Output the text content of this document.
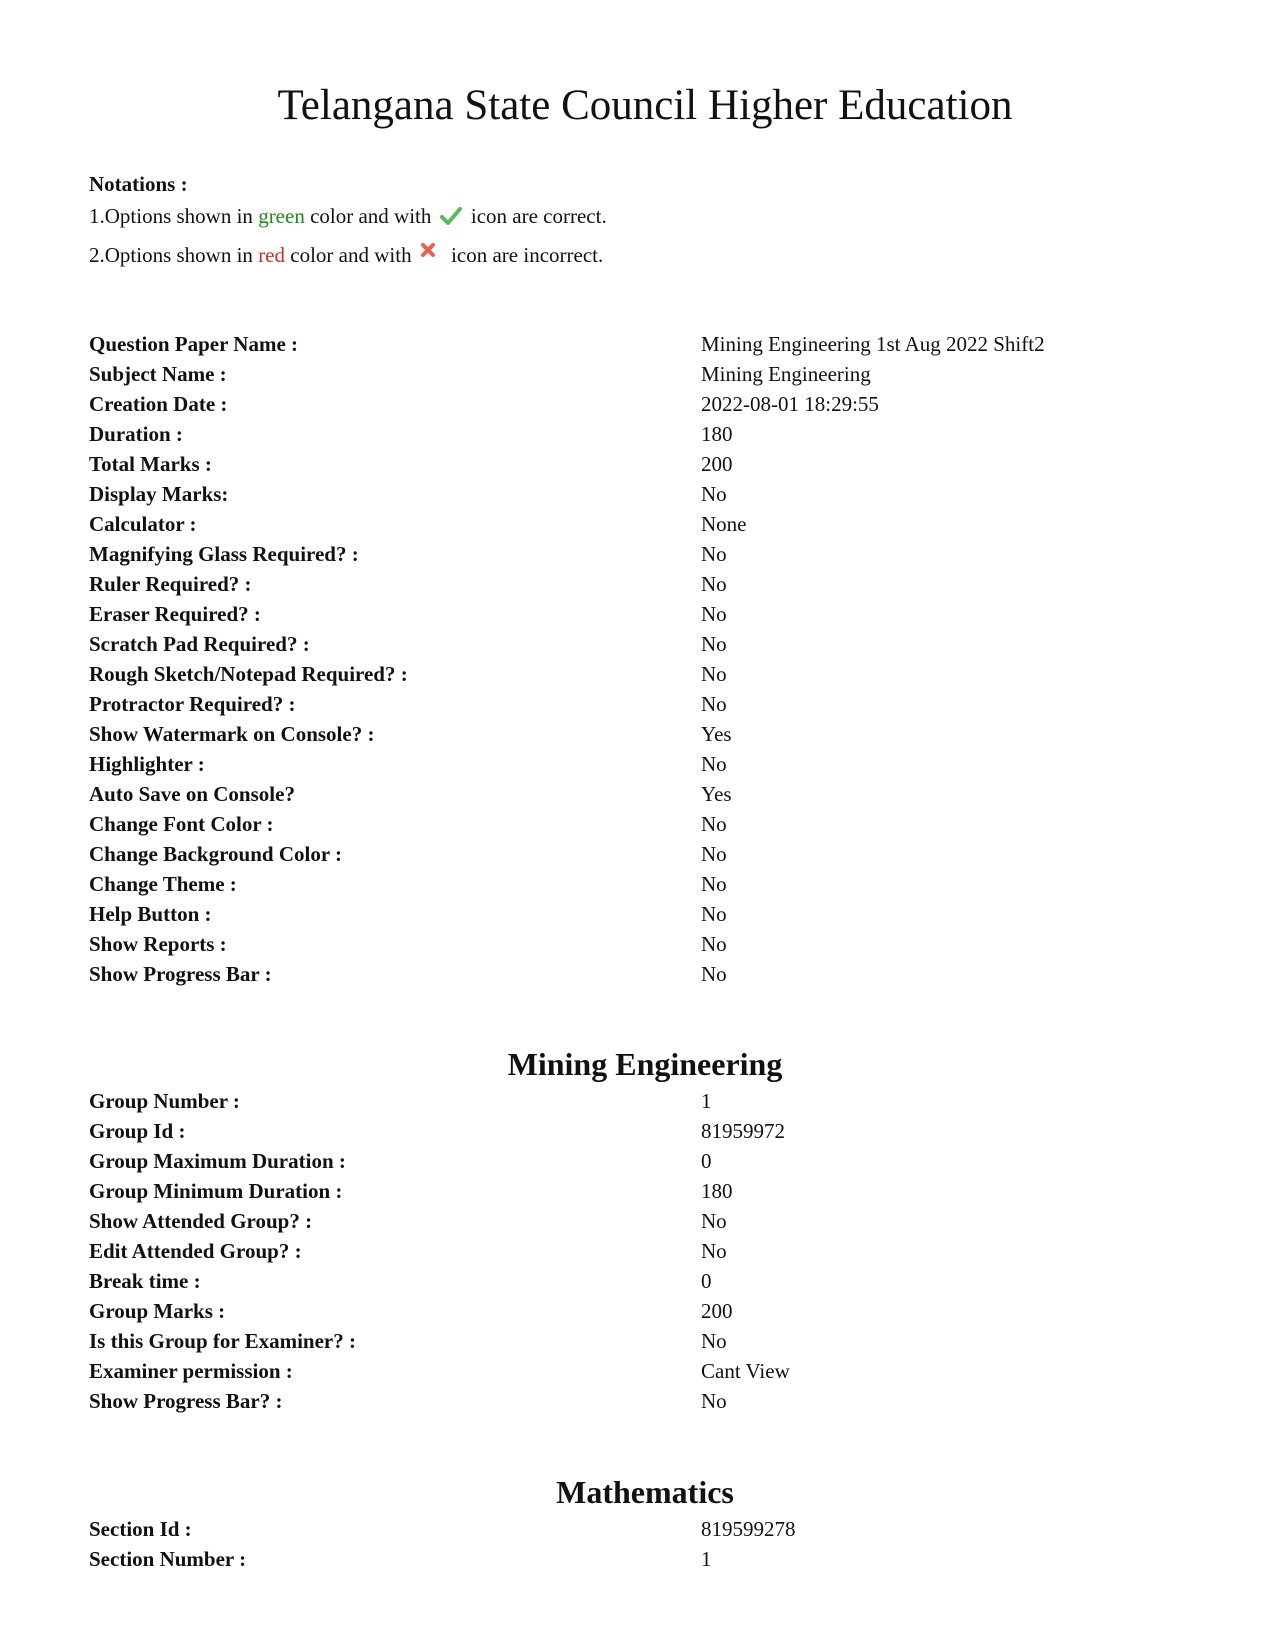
Telangana State Council Higher Education
Notations :
1.Options shown in green color and with  icon are correct.
2.Options shown in red color and with  icon are incorrect.
Question Paper Name :	Mining Engineering 1st Aug 2022 Shift2
Subject Name :	Mining Engineering
Creation Date :	2022-08-01 18:29:55
Duration :	180
Total Marks :	200
Display Marks:	No
Calculator :	None
Magnifying Glass Required? :	No
Ruler Required? :	No
Eraser Required? :	No
Scratch Pad Required? :	No
Rough Sketch/Notepad Required? :	No
Protractor Required? :	No
Show Watermark on Console? :	Yes
Highlighter :	No
Auto Save on Console?	Yes
Change Font Color :	No
Change Background Color :	No
Change Theme :	No
Help Button :	No
Show Reports :	No
Show Progress Bar :	No
Mining Engineering
Group Number :	1
Group Id :	81959972
Group Maximum Duration :	0
Group Minimum Duration :	180
Show Attended Group? :	No
Edit Attended Group? :	No
Break time :	0
Group Marks :	200
Is this Group for Examiner? :	No
Examiner permission :	Cant View
Show Progress Bar? :	No
Mathematics
Section Id :	819599278
Section Number :	1
